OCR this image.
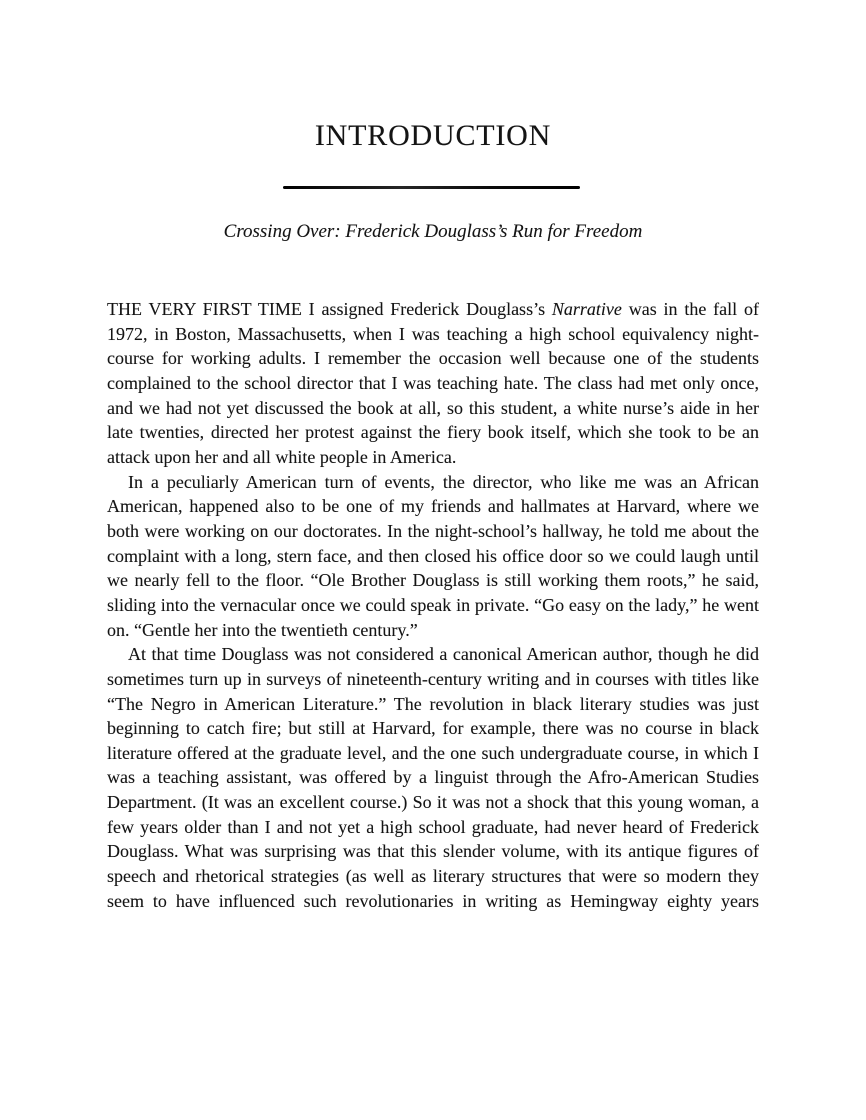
INTRODUCTION
Crossing Over: Frederick Douglass’s Run for Freedom

THE VERY FIRST TIME I assigned Frederick Douglass’s Narrative was in the fall of 1972, in Boston, Massachusetts, when I was teaching a high school equivalency night-course for working adults. I remember the occasion well because one of the students complained to the school director that I was teaching hate. The class had met only once, and we had not yet discussed the book at all, so this student, a white nurse’s aide in her late twenties, directed her protest against the fiery book itself, which she took to be an attack upon her and all white people in America.

In a peculiarly American turn of events, the director, who like me was an African American, happened also to be one of my friends and hallmates at Harvard, where we both were working on our doctorates. In the night-school’s hallway, he told me about the complaint with a long, stern face, and then closed his office door so we could laugh until we nearly fell to the floor. “Ole Brother Douglass is still working them roots,” he said, sliding into the vernacular once we could speak in private. “Go easy on the lady,” he went on. “Gentle her into the twentieth century.”

At that time Douglass was not considered a canonical American author, though he did sometimes turn up in surveys of nineteenth-century writing and in courses with titles like “The Negro in American Literature.” The revolution in black literary studies was just beginning to catch fire; but still at Harvard, for example, there was no course in black literature offered at the graduate level, and the one such undergraduate course, in which I was a teaching assistant, was offered by a linguist through the Afro-American Studies Department. (It was an excellent course.) So it was not a shock that this young woman, a few years older than I and not yet a high school graduate, had never heard of Frederick Douglass. What was surprising was that this slender volume, with its antique figures of speech and rhetorical strategies (as well as literary structures that were so modern they seem to have influenced such revolutionaries in writing as Hemingway eighty years
